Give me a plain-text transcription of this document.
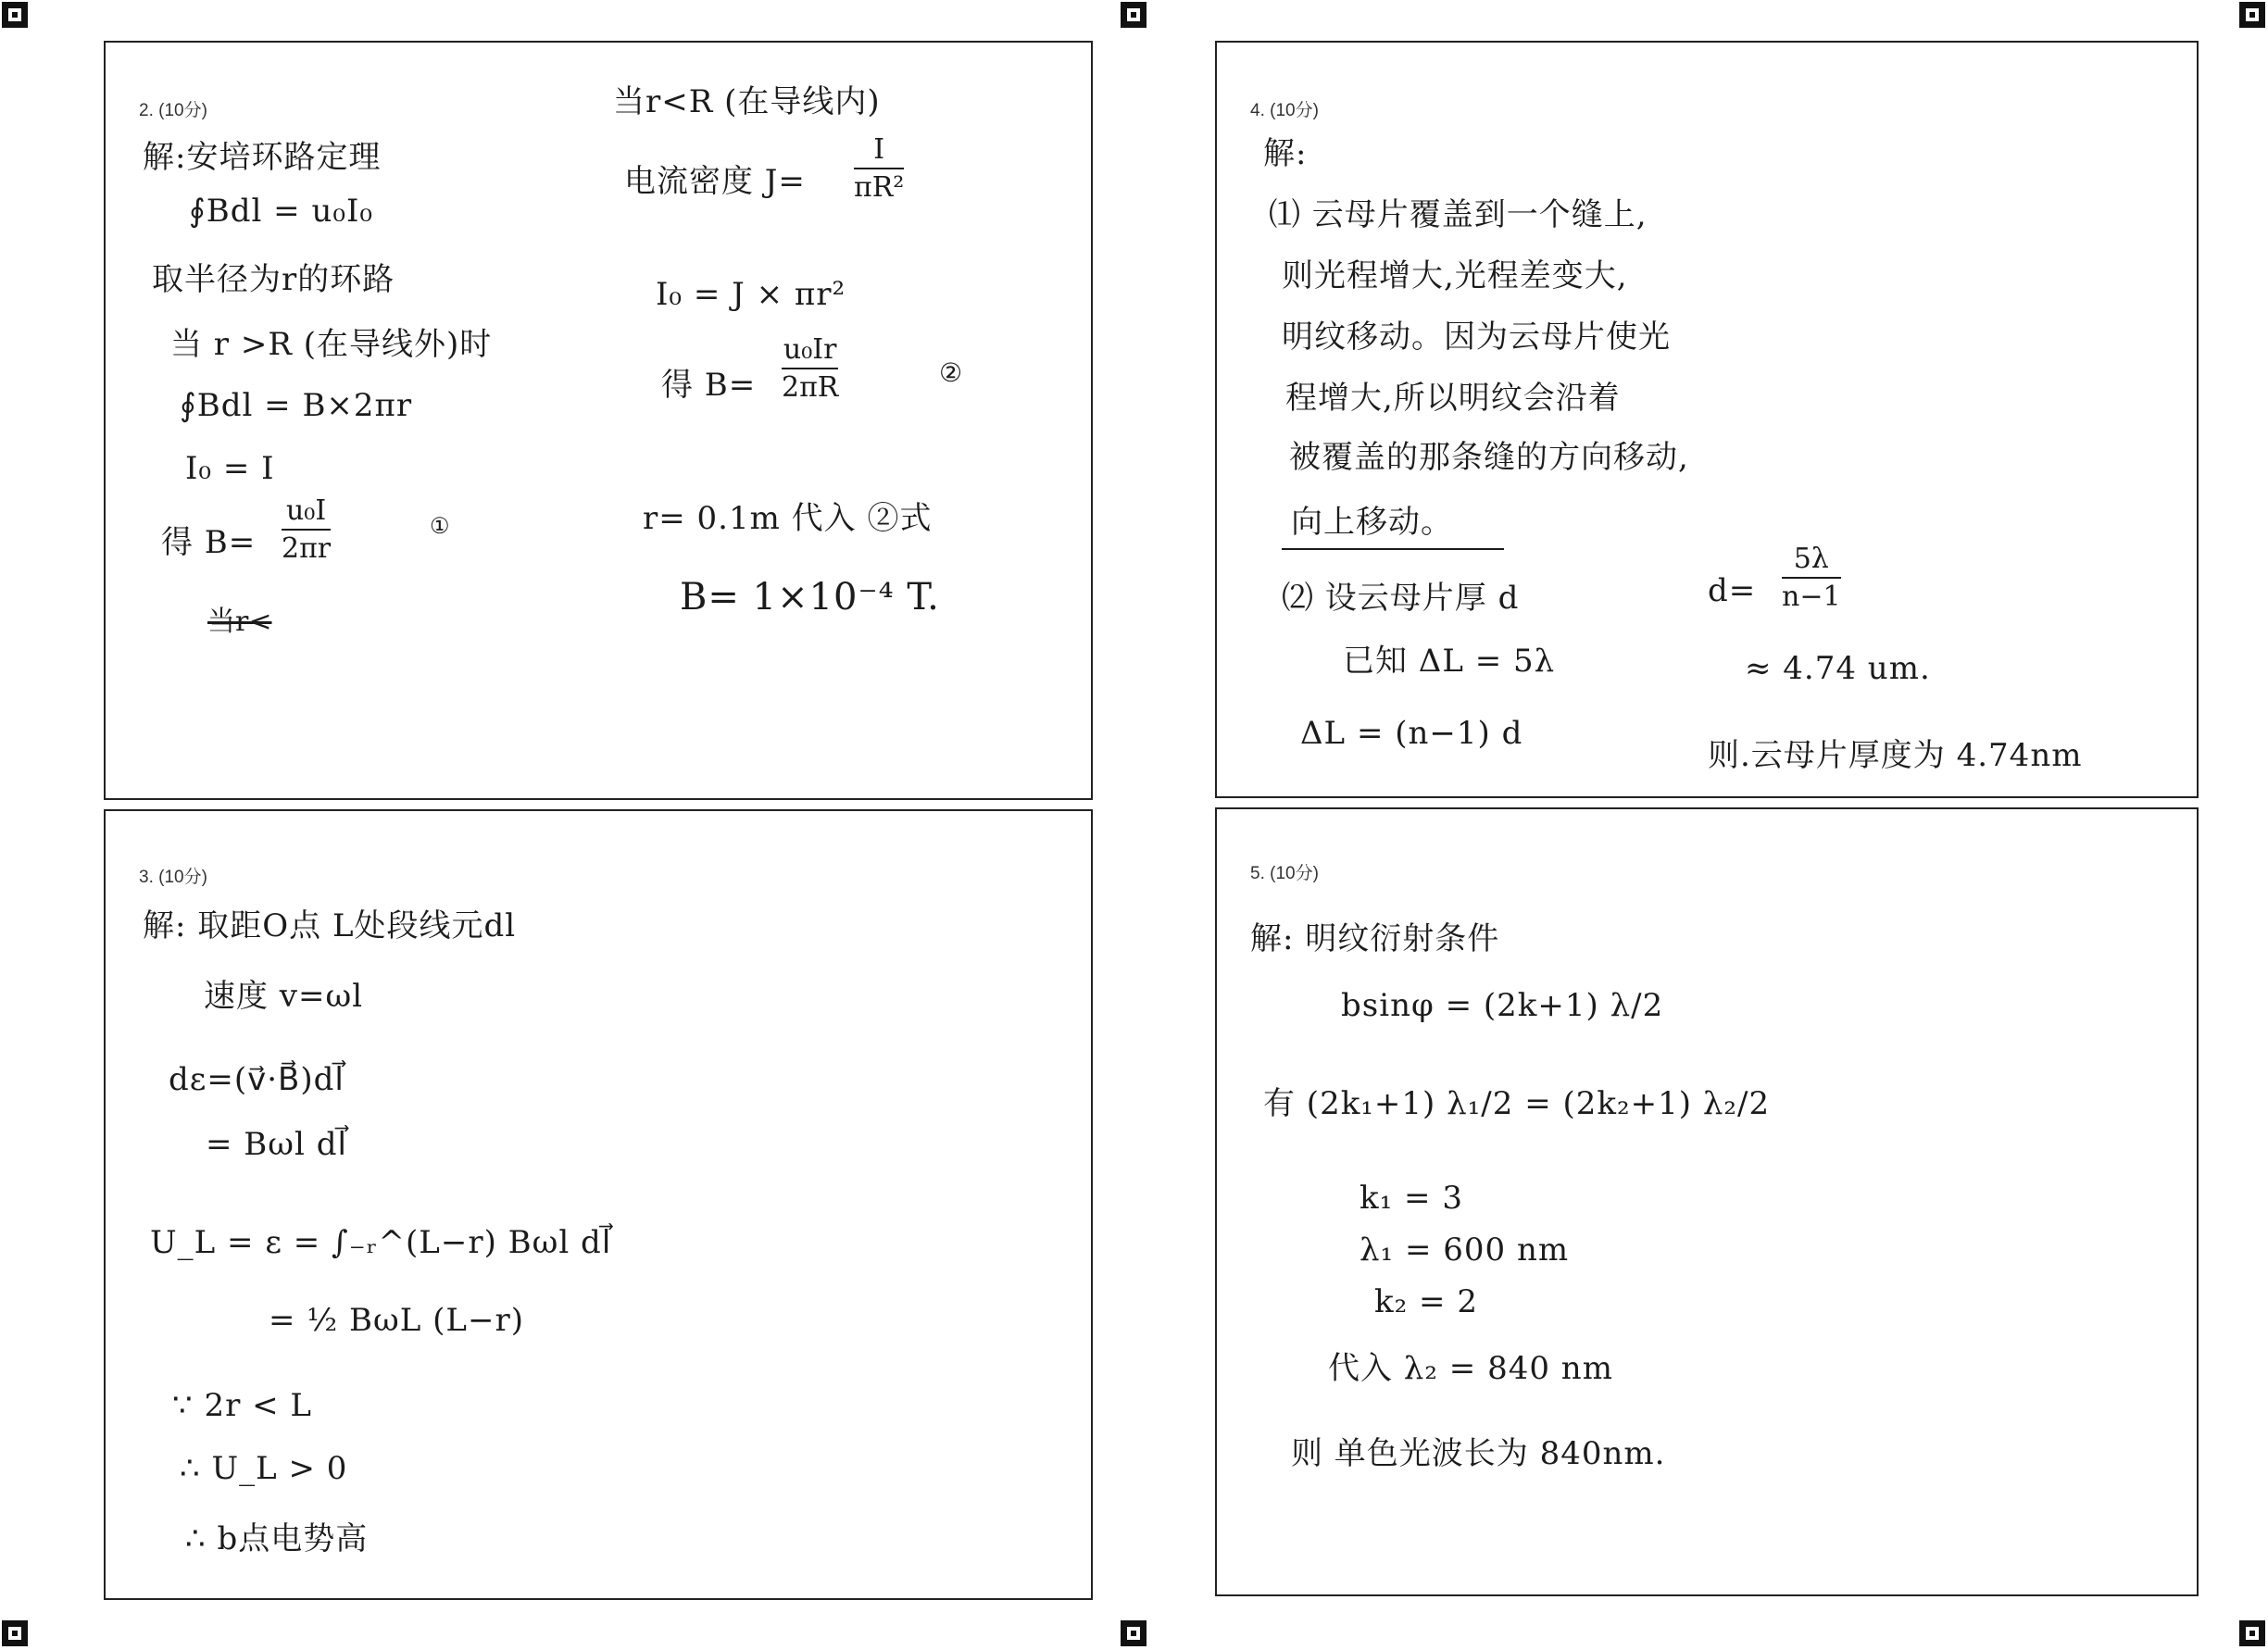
2. (10分)
解:安培环路定理
∮Bdl = u₀I₀
取半径为r的环路
当 r >R (在导线外)时
∮Bdl = B×2πr
I₀ = I
得 B=
u₀I
2πr
①
当r<
当r<R (在导线内)
电流密度 J=
I
πR²
I₀ = J × πr²
得 B=
u₀Ir
2πR	②
r= 0.1m 代入 ②式
B= 1×10⁻⁴ T.
3. (10分)
解: 取距O点 L处段线元dl
速度 v=ωl
dε=(v⃗·B⃗)dl⃗
= Bωl dl⃗
U_L = ε = ∫₋ᵣ^(L−r) Bωl dl⃗
= ½ BωL (L−r)
∵ 2r < L
∴ U_L > 0
∴ b点电势高
4. (10分)
解:
⑴ 云母片覆盖到一个缝上,
则光程增大,光程差变大,
明纹移动。因为云母片使光
程增大,所以明纹会沿着
被覆盖的那条缝的方向移动,
向上移动。
⑵ 设云母片厚 d
已知 ΔL = 5λ
ΔL = (n−1) d
d=
5λ
n−1
≈ 4.74 um.
则.云母片厚度为 4.74nm
5. (10分)
解: 明纹衍射条件
bsinφ = (2k+1) λ/2
有 (2k₁+1) λ₁/2 = (2k₂+1) λ₂/2
k₁ = 3
λ₁ = 600 nm
k₂ = 2
代入 λ₂ = 840 nm
则 单色光波长为 840nm.
